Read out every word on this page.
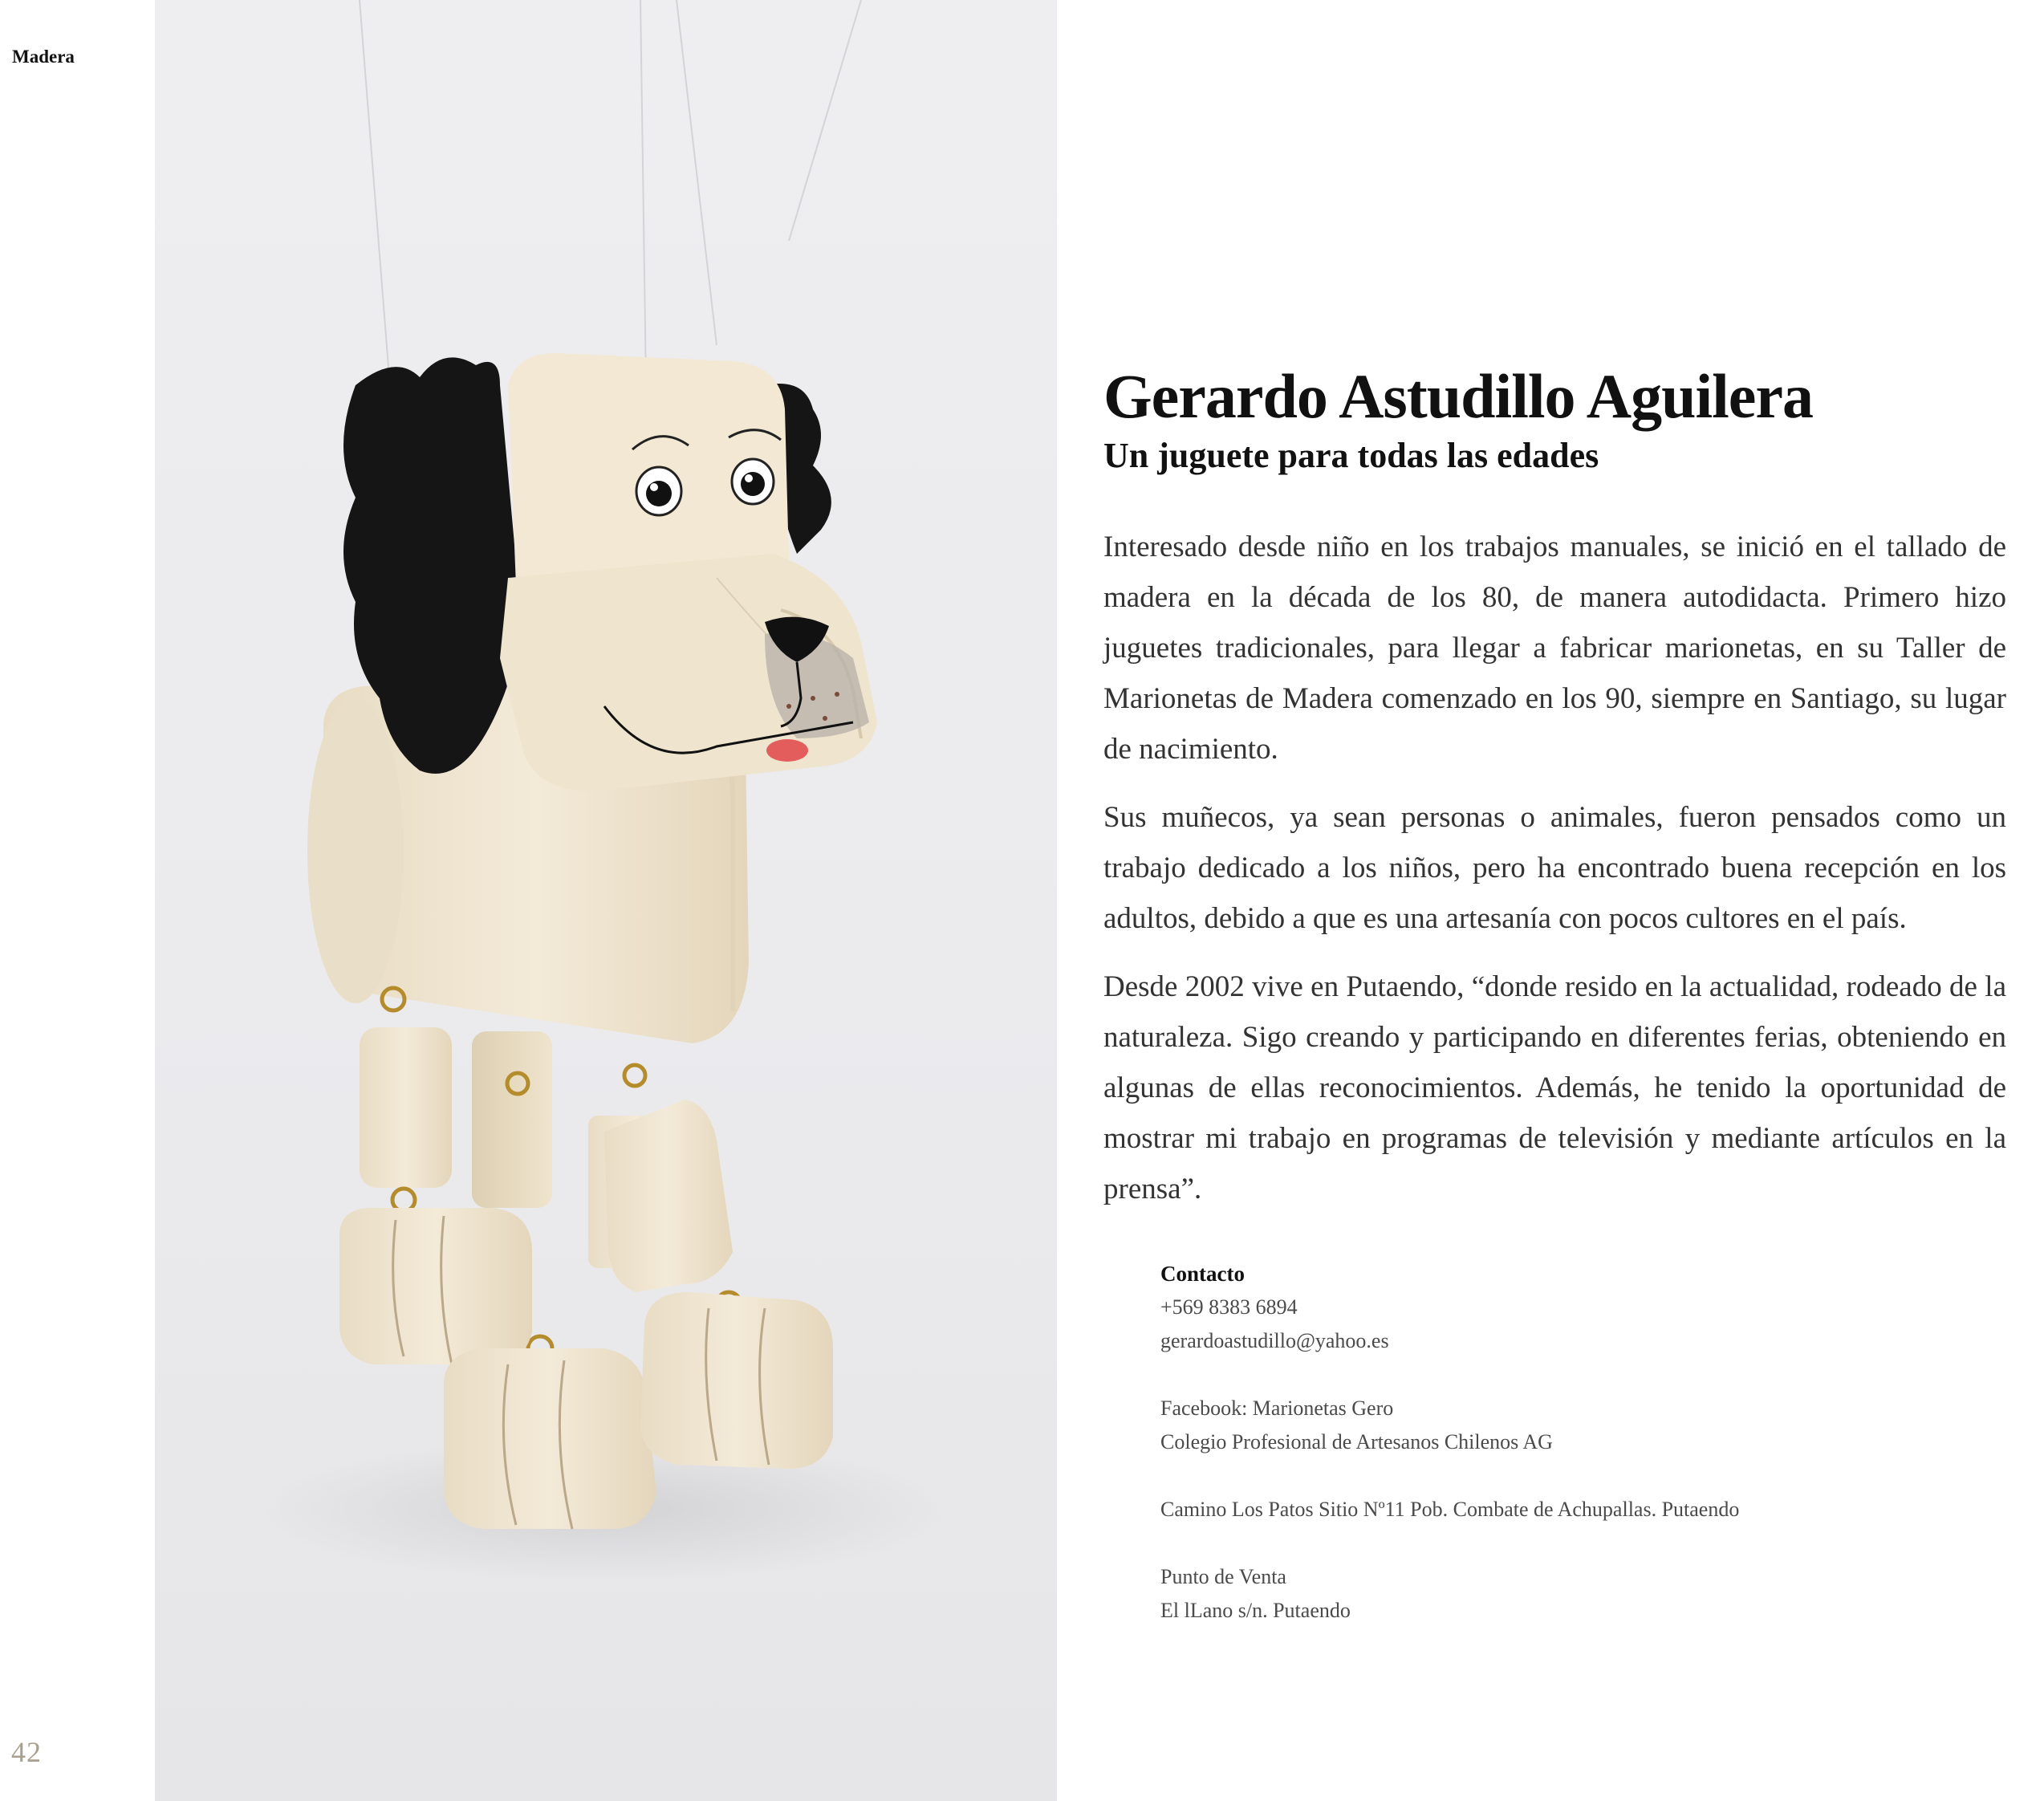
Madera
Gerardo Astudillo Aguilera
Un juguete para todas las edades

Interesado desde niño en los trabajos manuales, se inició en el tallado de madera en la década de los 80, de manera autodidacta. Primero hizo juguetes tradicionales, para llegar a fabricar marionetas, en su Taller de Marionetas de Madera comenzado en los 90, siempre en Santiago, su lugar de nacimiento.

Sus muñecos, ya sean personas o animales, fueron pensados como un trabajo dedicado a los niños, pero ha encontrado buena recepción en los adultos, debido a que es una artesanía con pocos cultores en el país.

Desde 2002 vive en Putaendo, “donde resido en la actualidad, rodeado de la naturaleza. Sigo creando y participando en diferentes ferias, obteniendo en algunas de ellas reconocimientos. Además, he tenido la oportunidad de mostrar mi trabajo en programas de televisión y mediante artículos en la prensa”.

Contacto
+569 8383 6894
gerardoastudillo@yahoo.es
Facebook: Marionetas Gero
Colegio Profesional de Artesanos Chilenos AG
Camino Los Patos Sitio Nº11 Pob. Combate de Achupallas. Putaendo
Punto de Venta
El lLano s/n. Putaendo
42
